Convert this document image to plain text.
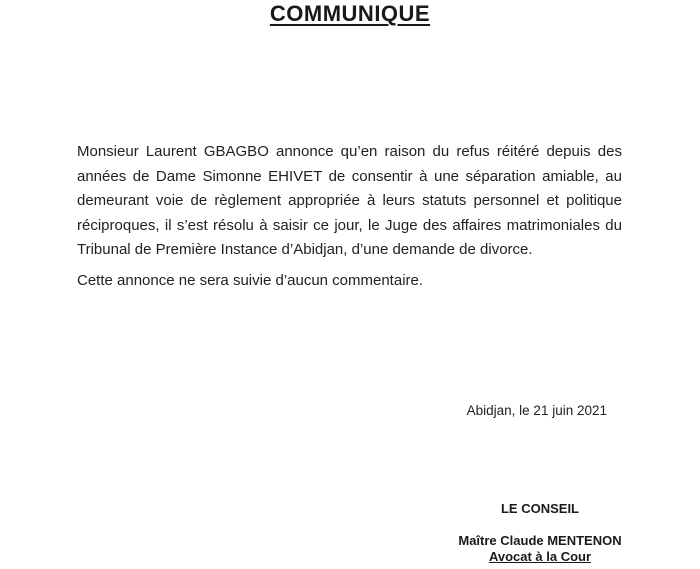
COMMUNIQUE
Monsieur Laurent GBAGBO annonce qu’en raison du refus réitéré depuis des années de Dame Simonne EHIVET de consentir à une séparation amiable, au demeurant voie de règlement appropriée à leurs statuts personnel et politique réciproques, il s’est résolu à saisir ce jour, le Juge des affaires matrimoniales du Tribunal de Première Instance d’Abidjan, d’une demande de divorce.
Cette annonce ne sera suivie d’aucun commentaire.
Abidjan, le 21 juin 2021
LE CONSEIL
Maître Claude MENTENON
Avocat à la Cour
